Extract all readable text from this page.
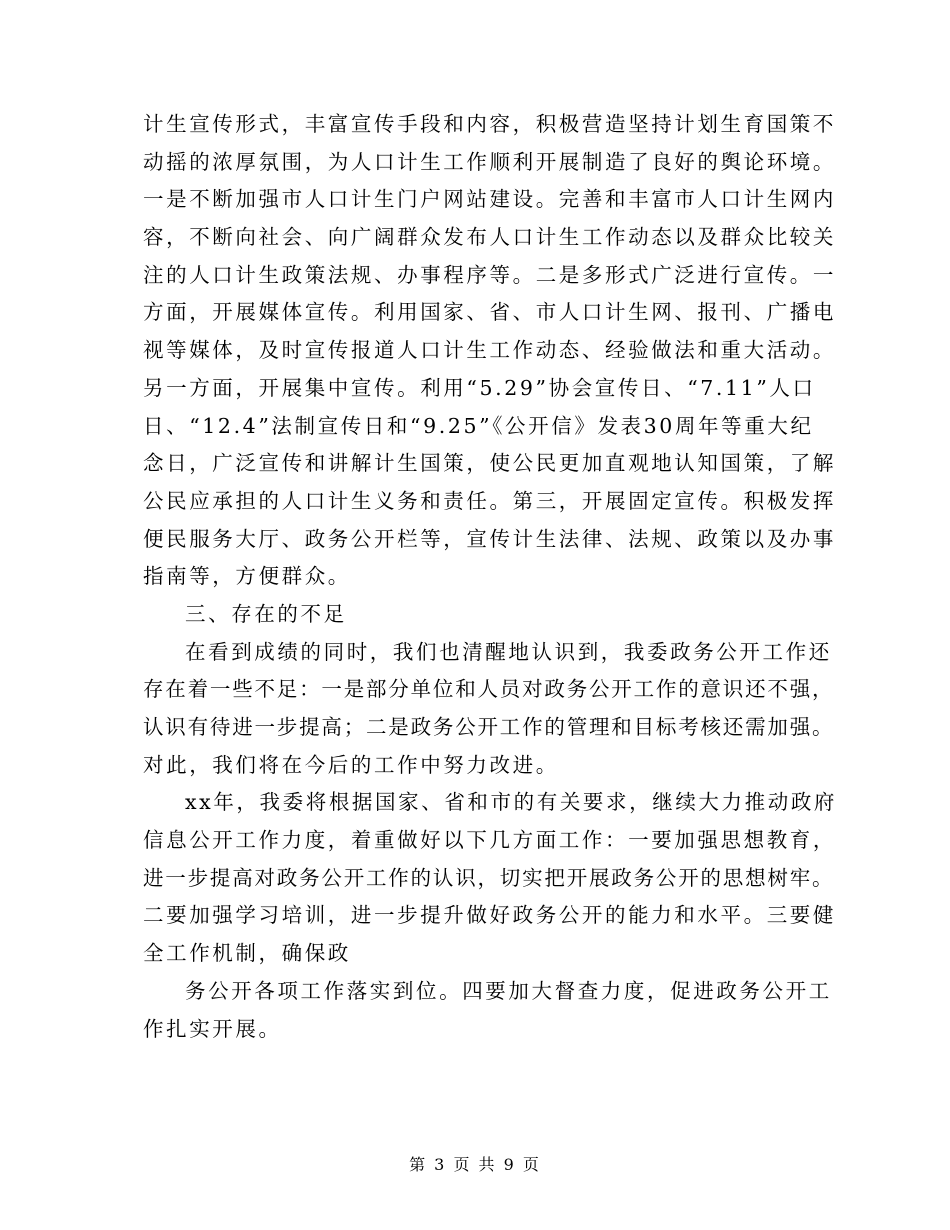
计生宣传形式，丰富宣传手段和内容，积极营造坚持计划生育国策不
动摇的浓厚氛围，为人口计生工作顺利开展制造了良好的舆论环境。
一是不断加强市人口计生门户网站建设。完善和丰富市人口计生网内
容，不断向社会、向广阔群众发布人口计生工作动态以及群众比较关
注的人口计生政策法规、办事程序等。二是多形式广泛进行宣传。一
方面，开展媒体宣传。利用国家、省、市人口计生网、报刊、广播电
视等媒体，及时宣传报道人口计生工作动态、经验做法和重大活动。
另一方面，开展集中宣传。利用“5.29”协会宣传日、“7.11”人口
日、“12.4”法制宣传日和“9.25”《公开信》发表30周年等重大纪
念日，广泛宣传和讲解计生国策，使公民更加直观地认知国策，了解
公民应承担的人口计生义务和责任。第三，开展固定宣传。积极发挥
便民服务大厅、政务公开栏等，宣传计生法律、法规、政策以及办事
指南等，方便群众。
三、存在的不足
在看到成绩的同时，我们也清醒地认识到，我委政务公开工作还
存在着一些不足：一是部分单位和人员对政务公开工作的意识还不强，
认识有待进一步提高；二是政务公开工作的管理和目标考核还需加强。
对此，我们将在今后的工作中努力改进。
xx年，我委将根据国家、省和市的有关要求，继续大力推动政府
信息公开工作力度，着重做好以下几方面工作：一要加强思想教育，
进一步提高对政务公开工作的认识，切实把开展政务公开的思想树牢。
二要加强学习培训，进一步提升做好政务公开的能力和水平。三要健
全工作机制，确保政
务公开各项工作落实到位。四要加大督查力度，促进政务公开工
作扎实开展。
第 3 页 共 9 页
